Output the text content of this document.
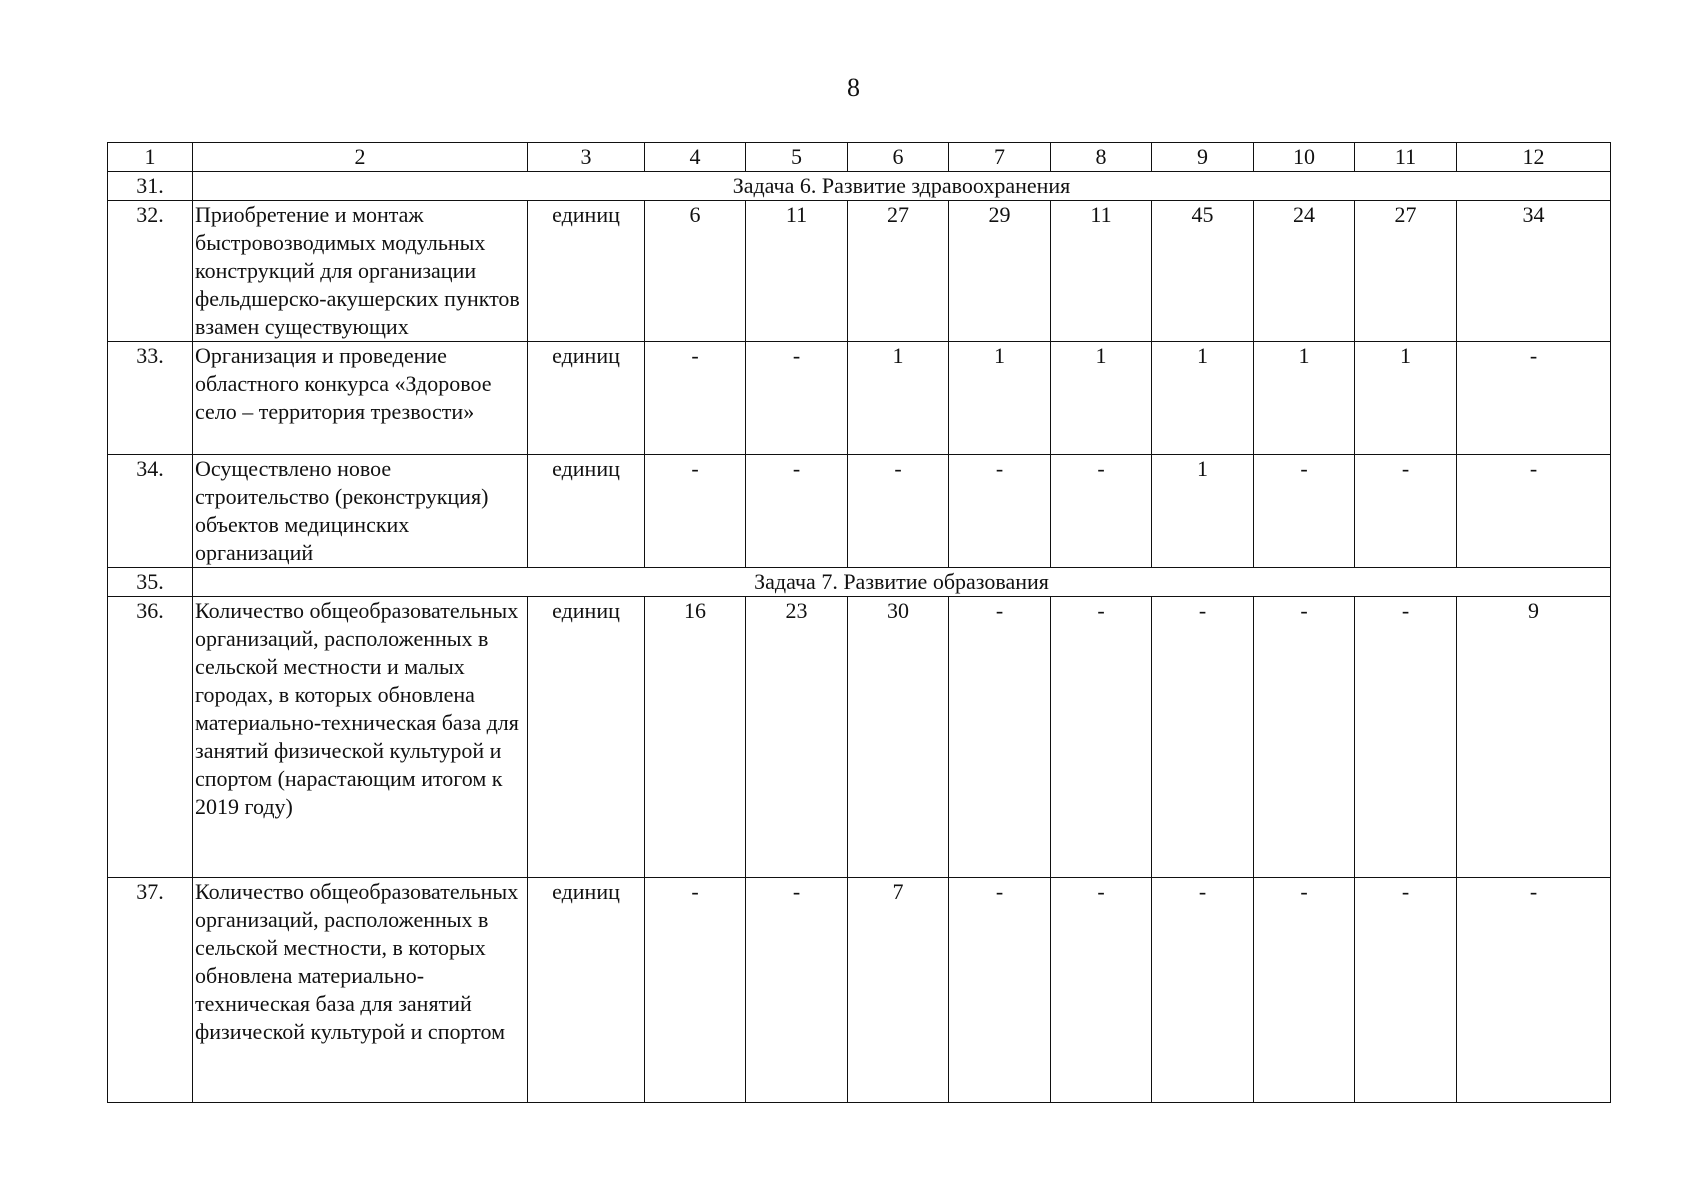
8
1	2	3	4	5	6	7	8	9	10	11	12
31.	Задача 6. Развитие здравоохранения										
32.	Приобретение и монтаж быстровозводимых модульных конструкций для организации фельдшерско-акушерских пунктов взамен существующих	единиц	6	11	27	29	11	45	24	27	34
33.	Организация и проведение областного конкурса «Здоровое село – территория трезвости»	единиц	-	-	1	1	1	1	1	1	-
34.	Осуществлено новое строительство (реконструкция) объектов медицинских организаций	единиц	-	-	-	-	-	1	-	-	-
35.	Задача 7. Развитие образования										
36.	Количество общеобразовательных организаций, расположенных в сельской местности и малых городах, в которых обновлена материально-техническая база для занятий физической культурой и спортом (нарастающим итогом к 2019 году)	единиц	16	23	30	-	-	-	-	-	9
37.	Количество общеобразовательных организаций, расположенных в сельской местности, в которых обновлена материально-техническая база для занятий физической культурой и спортом	единиц	-	-	7	-	-	-	-	-	-
